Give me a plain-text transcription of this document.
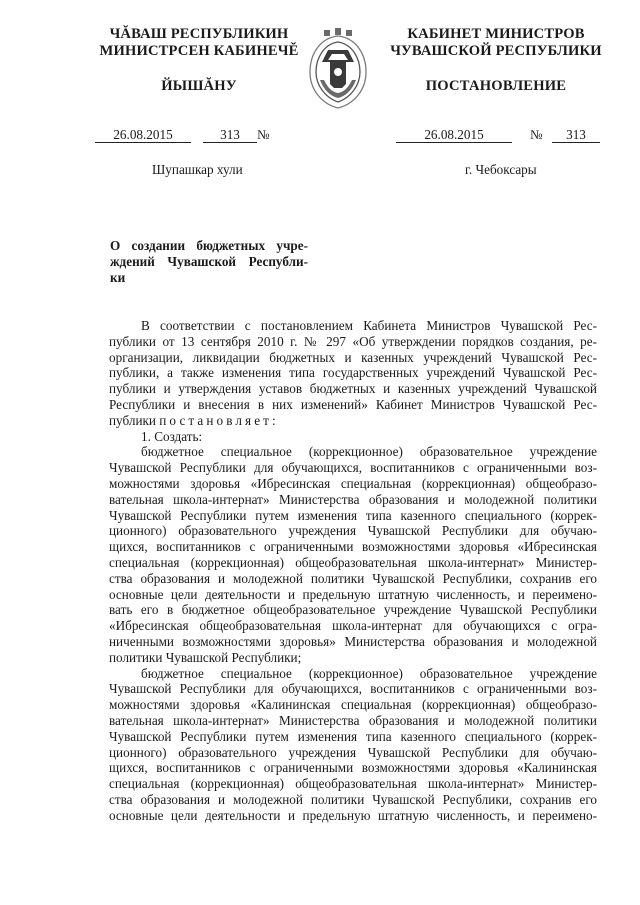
ЧĂВАШ РЕСПУБЛИКИН
МИНИСТРСЕН КАБИНЕЧĔ
ЙЫШĂНУ
КАБИНЕТ МИНИСТРОВ
ЧУВАШСКОЙ РЕСПУБЛИКИ
ПОСТАНОВЛЕНИЕ
26.08.2015	313	№	26.08.2015	№	313
Шупашкар хули	г. Чебоксары
О создании бюджетных учре-
ждений Чувашской Республи-
ки
В соответствии с постановлением Кабинета Министров Чувашской Рес-
публики от 13 сентября 2010 г. № 297 «Об утверждении порядков создания, ре-
организации, ликвидации бюджетных и казенных учреждений Чувашской Рес-
публики, а также изменения типа государственных учреждений Чувашской Рес-
публики и утверждения уставов бюджетных и казенных учреждений Чувашской
Республики и внесения в них изменений» Кабинет Министров Чувашской Рес-
публики постановляет:
1. Создать:
бюджетное специальное (коррекционное) образовательное учреждение
Чувашской Республики для обучающихся, воспитанников с ограниченными воз-
можностями здоровья «Ибресинская специальная (коррекционная) общеобразо-
вательная школа-интернат» Министерства образования и молодежной политики
Чувашской Республики путем изменения типа казенного специального (коррек-
ционного) образовательного учреждения Чувашской Республики для обучаю-
щихся, воспитанников с ограниченными возможностями здоровья «Ибресинская
специальная (коррекционная) общеобразовательная школа-интернат» Министер-
ства образования и молодежной политики Чувашской Республики, сохранив его
основные цели деятельности и предельную штатную численность, и переимено-
вать его в бюджетное общеобразовательное учреждение Чувашской Республики
«Ибресинская общеобразовательная школа-интернат для обучающихся с огра-
ниченными возможностями здоровья» Министерства образования и молодежной
политики Чувашской Республики;
бюджетное специальное (коррекционное) образовательное учреждение
Чувашской Республики для обучающихся, воспитанников с ограниченными воз-
можностями здоровья «Калининская специальная (коррекционная) общеобразо-
вательная школа-интернат» Министерства образования и молодежной политики
Чувашской Республики путем изменения типа казенного специального (коррек-
ционного) образовательного учреждения Чувашской Республики для обучаю-
щихся, воспитанников с ограниченными возможностями здоровья «Калининская
специальная (коррекционная) общеобразовательная школа-интернат» Министер-
ства образования и молодежной политики Чувашской Республики, сохранив его
основные цели деятельности и предельную штатную численность, и переимено-
